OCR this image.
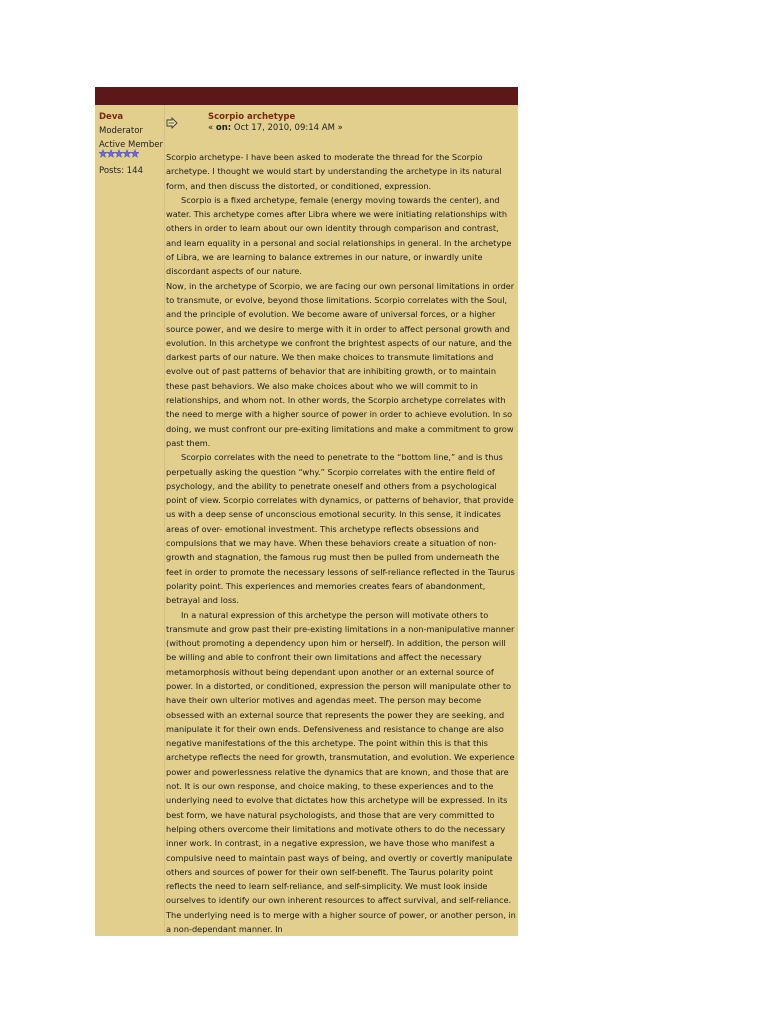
Deva

Moderator

Active Member

Posts: 144

Scorpio archetype

« on: Oct 17, 2010, 09:14 AM »

Scorpio archetype- I have been asked to moderate the thread for the Scorpio archetype. I thought we would start by understanding the archetype in its natural form, and then discuss the distorted, or conditioned, expression.

Scorpio is a fixed archetype, female (energy moving towards the center), and water. This archetype comes after Libra where we were initiating relationships with others in order to learn about our own identity through comparison and contrast, and learn equality in a personal and social relationships in general. In the archetype of Libra, we are learning to balance extremes in our nature, or inwardly unite discordant aspects of our nature.

Now, in the archetype of Scorpio, we are facing our own personal limitations in order to transmute, or evolve, beyond those limitations. Scorpio correlates with the Soul, and the principle of evolution. We become aware of universal forces, or a higher source power, and we desire to merge with it in order to affect personal growth and evolution. In this archetype we confront the brightest aspects of our nature, and the darkest parts of our nature. We then make choices to transmute limitations and evolve out of past patterns of behavior that are inhibiting growth, or to maintain these past behaviors. We also make choices about who we will commit to in relationships, and whom not. In other words, the Scorpio archetype correlates with the need to merge with a higher source of power in order to achieve evolution. In so doing, we must confront our pre-exiting limitations and make a commitment to grow past them.

Scorpio correlates with the need to penetrate to the “bottom line,” and is thus perpetually asking the question “why.” Scorpio correlates with the entire field of psychology, and the ability to penetrate oneself and others from a psychological point of view. Scorpio correlates with dynamics, or patterns of behavior, that provide us with a deep sense of unconscious emotional security. In this sense, it indicates areas of over- emotional investment. This archetype reflects obsessions and compulsions that we may have. When these behaviors create a situation of non-growth and stagnation, the famous rug must then be pulled from underneath the feet in order to promote the necessary lessons of self-reliance reflected in the Taurus polarity point. This experiences and memories creates fears of abandonment, betrayal and loss.

In a natural expression of this archetype the person will motivate others to transmute and grow past their pre-existing limitations in a non-manipulative manner (without promoting a dependency upon him or herself). In addition, the person will be willing and able to confront their own limitations and affect the necessary metamorphosis without being dependant upon another or an external source of power. In a distorted, or conditioned, expression the person will manipulate other to have their own ulterior motives and agendas meet. The person may become obsessed with an external source that represents the power they are seeking, and manipulate it for their own ends. Defensiveness and resistance to change are also negative manifestations of the this archetype. The point within this is that this archetype reflects the need for growth, transmutation, and evolution. We experience power and powerlessness relative the dynamics that are known, and those that are not. It is our own response, and choice making, to these experiences and to the underlying need to evolve that dictates how this archetype will be expressed. In its best form, we have natural psychologists, and those that are very committed to helping others overcome their limitations and motivate others to do the necessary inner work. In contrast, in a negative expression, we have those who manifest a compulsive need to maintain past ways of being, and overtly or covertly manipulate others and sources of power for their own self-benefit. The Taurus polarity point reflects the need to learn self-reliance, and self-simplicity. We must look inside ourselves to identify our own inherent resources to affect survival, and self-reliance. The underlying need is to merge with a higher source of power, or another person, in a non-dependant manner. In
